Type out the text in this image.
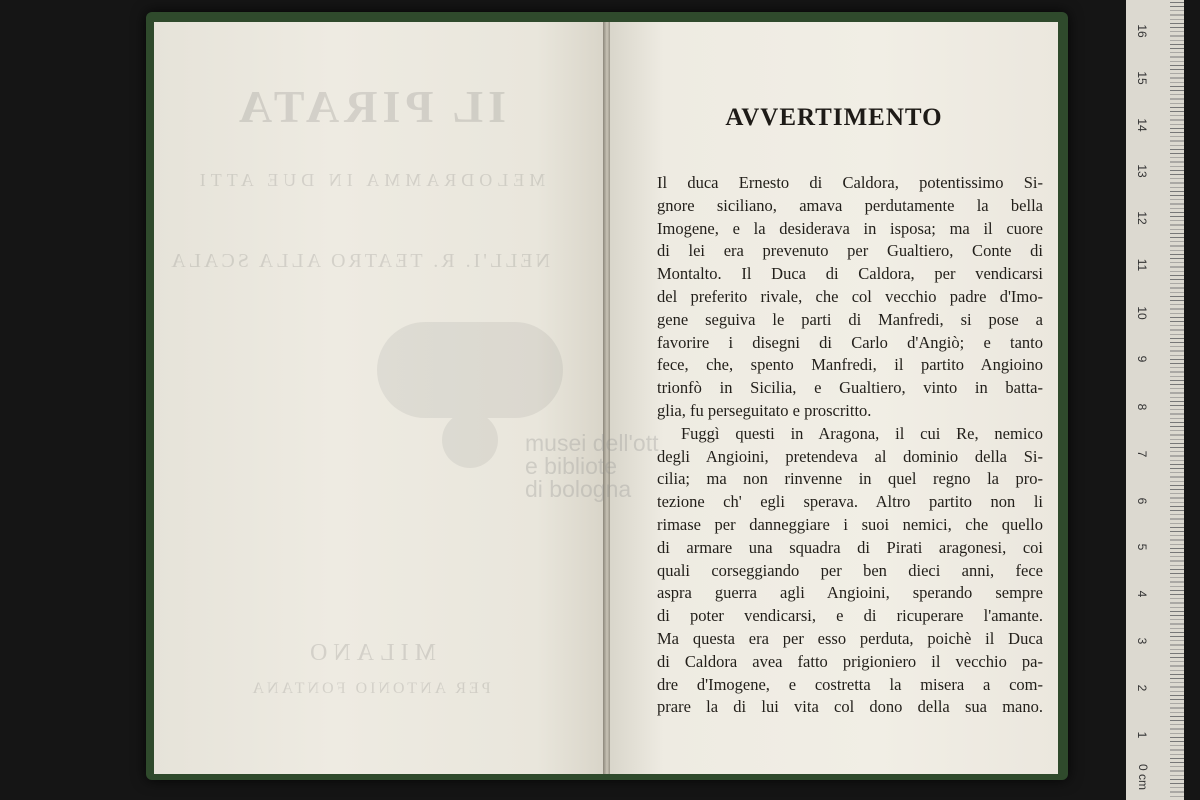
IL PIRATA
MELODRAMMA IN DUE ATTI
NELL'I. R. TEATRO ALLA SCALA
MILANO
PER ANTONIO FONTANA
musei dell'ott
e bibliote
di bologna
AVVERTIMENTO
Il duca Ernesto di Caldora, potentissimo Si-
gnore siciliano, amava perdutamente la bella
Imogene, e la desiderava in isposa; ma il cuore
di lei era prevenuto per Gualtiero, Conte di
Montalto. Il Duca di Caldora, per vendicarsi
del preferito rivale, che col vecchio padre d'Imo-
gene seguiva le parti di Manfredi, si pose a
favorire i disegni di Carlo d'Angiò; e tanto
fece, che, spento Manfredi, il partito Angioino
trionfò in Sicilia, e Gualtiero, vinto in batta-
glia, fu perseguitato e proscritto.
Fuggì questi in Aragona, il cui Re, nemico
degli Angioini, pretendeva al dominio della Si-
cilia; ma non rinvenne in quel regno la pro-
tezione ch' egli sperava. Altro partito non li
rimase per danneggiare i suoi nemici, che quello
di armare una squadra di Pirati aragonesi, coi
quali corseggiando per ben dieci anni, fece
aspra guerra agli Angioini, sperando sempre
di poter vendicarsi, e di ricuperare l'amante.
Ma questa era per esso perduta, poichè il Duca
di Caldora avea fatto prigioniero il vecchio pa-
dre d'Imogene, e costretta la misera a com-
prare la di lui vita col dono della sua mano.
16
15
14
13
12
11
10
9
8
7
6
5
4
3
2
1
0 cm
